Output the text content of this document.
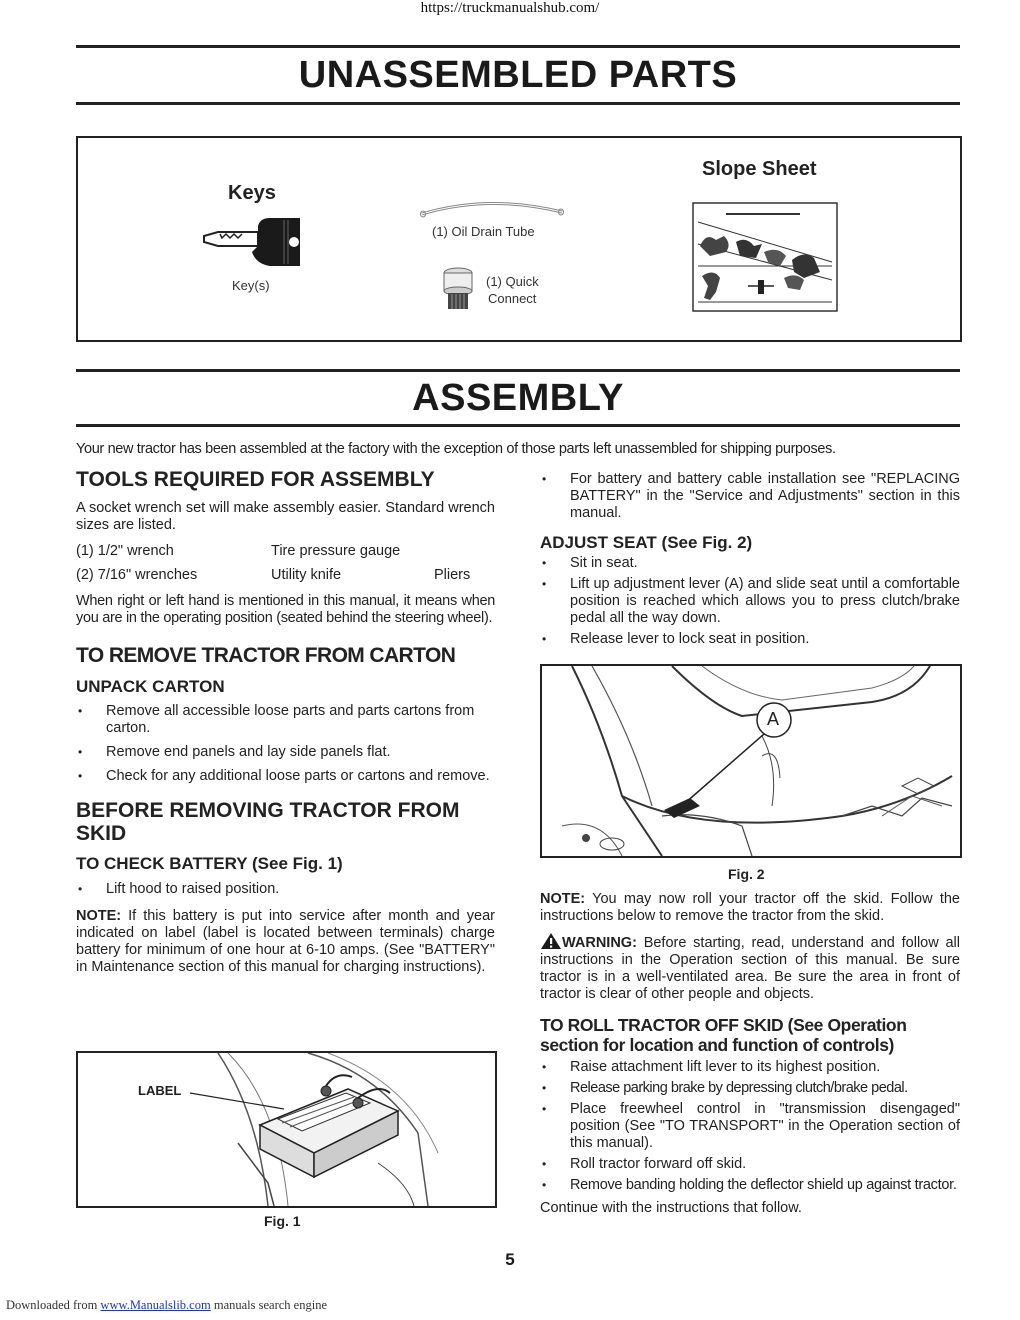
https://truckmanualshub.com/
UNASSEMBLED PARTS
Keys
Key(s)
(1) Oil Drain Tube
(1) Quick
Connect
Slope Sheet
ASSEMBLY
Your new tractor has been assembled at the factory with the exception of those parts left unassembled for shipping purposes.
TOOLS REQUIRED FOR ASSEMBLY
A socket wrench set will make assembly easier. Standard wrench sizes are listed.
(1) 1/2" wrench	Tire pressure gauge
(2) 7/16" wrenches	Utility knife	Pliers
When right or left hand is mentioned in this manual, it means when you are in the operating position (seated behind the steering wheel).
TO REMOVE TRACTOR FROM CARTON
UNPACK CARTON
• Remove all accessible loose parts and parts cartons from carton.
• Remove end panels and lay side panels flat.
• Check for any additional loose parts or cartons and remove.
BEFORE REMOVING TRACTOR FROM SKID
TO CHECK BATTERY (See Fig. 1)
• Lift hood to raised position.
NOTE: If this battery is put into service after month and year indicated on label (label is located between terminals) charge battery for minimum of one hour at 6-10 amps. (See "BATTERY" in Maintenance section of this manual for charging instructions).
LABEL
Fig. 1
• For battery and battery cable installation see "REPLACING BATTERY" in the "Service and Adjustments" section in this manual.
ADJUST SEAT (See Fig. 2)
• Sit in seat.
• Lift up adjustment lever (A) and slide seat until a comfortable position is reached which allows you to press clutch/brake pedal all the way down.
• Release lever to lock seat in position.
A
Fig. 2
NOTE: You may now roll your tractor off the skid. Follow the instructions below to remove the tractor from the skid.
WARNING: Before starting, read, understand and follow all instructions in the Operation section of this manual. Be sure tractor is in a well-ventilated area. Be sure the area in front of tractor is clear of other people and objects.
TO ROLL TRACTOR OFF SKID (See Operation section for location and function of controls)
• Raise attachment lift lever to its highest position.
• Release parking brake by depressing clutch/brake pedal.
• Place freewheel control in "transmission disengaged" position (See "TO TRANSPORT" in the Operation section of this manual).
• Roll tractor forward off skid.
• Remove banding holding the deflector shield up against tractor.
Continue with the instructions that follow.
5
Downloaded from www.Manualslib.com manuals search engine
